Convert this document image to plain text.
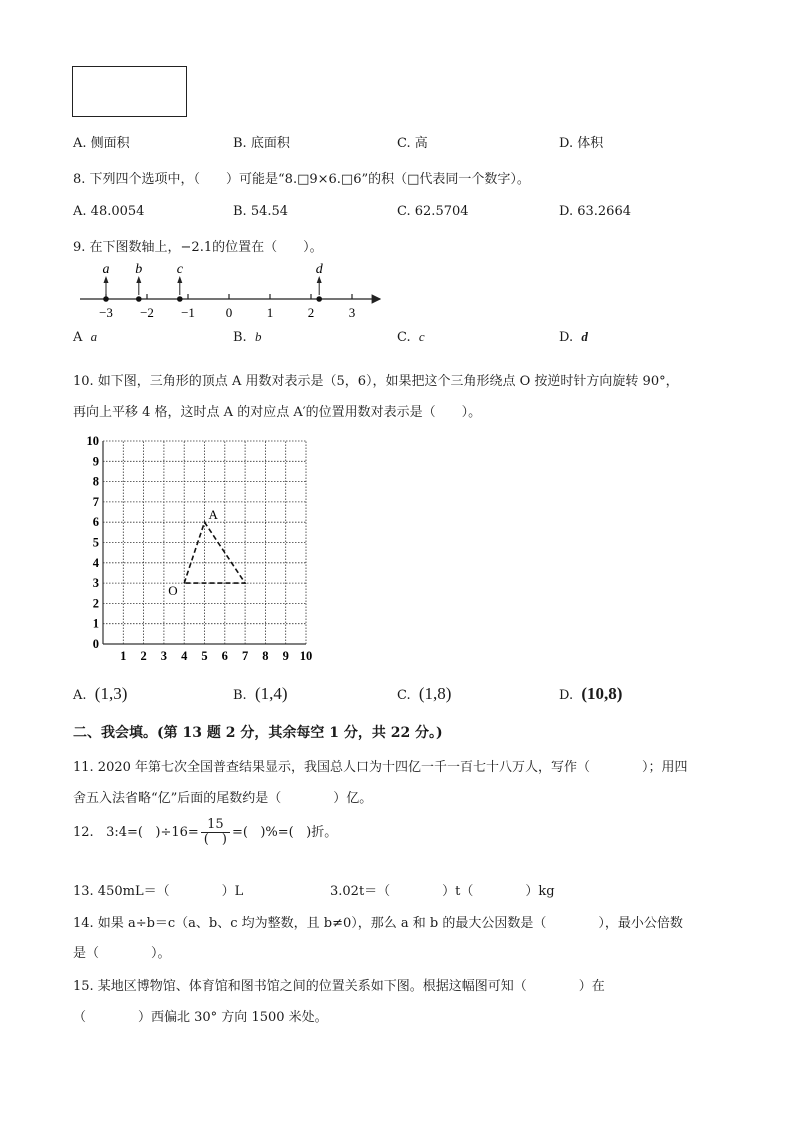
A. 侧面积	B. 底面积	C. 高	D. 体积
8. 下列四个选项中，（　　）可能是“8.□9×6.□6”的积（□代表同一个数字）。
A. 48.0054	B. 54.54	C. 62.5704	D. 63.2664
9. 在下图数轴上，−2.1的位置在（　　）。
−3 −2 −1 0	1	2	3
a b c	d
A a	B. b	C. c	D. d
10. 如下图，三角形的顶点 A 用数对表示是（5，6），如果把这个三角形绕点 O 按逆时针方向旋转 90°，
再向上平移 4 格，这时点 A 的对应点 A′的位置用数对表示是（　　）。
1 2 3 4 5 6 7 8 9 10
0
1
2
3
4
5
6
7
8
9
10
A
O
A. (1,3)	B. (1,4)	C. (1,8)	D. (10,8)
二、我会填。(第 13 题 2 分，其余每空 1 分，共 22 分。)
11. 2020 年第七次全国普查结果显示，我国总人口为十四亿一千一百七十八万人，写作（　　　　）；用四
舍五入法省略“亿”后面的尾数约是（　　　　）亿。
12. 3:4=( )$\div 16= \frac{15}{( )}$ =( )%=( )折。
13. 450mL＝（　　　　）L	3.02t＝（　　　　）t（　　　　）kg
14. 如果 a÷b＝c（a、b、c 均为整数，且 b≠0），那么 a 和 b 的最大公因数是（　　　　），最小公倍数
是（　　　　）。
15. 某地区博物馆、体育馆和图书馆之间的位置关系如下图。根据这幅图可知（　　　　）在
（　　　　）西偏北 30° 方向 1500 米处。
